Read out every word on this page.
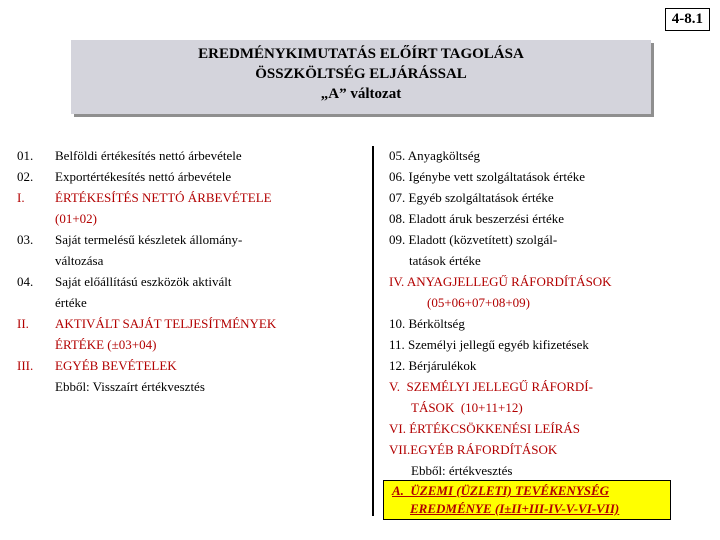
4-8.1
EREDMÉNYKIMUTATÁS ELŐÍRT TAGOLÁSA
ÖSSZKÖLTSÉG ELJÁRÁSSAL
„A” változat
01.	Belföldi értékesítés nettó árbevétele
02.	Exportértékesítés nettó árbevétele
I.	ÉRTÉKESÍTÉS NETTÓ ÁRBEVÉTELE
(01+02)
03.	Saját termelésű készletek állomány-
változása
04.	Saját előállítású eszközök aktivált
értéke
II.	AKTIVÁLT SAJÁT TELJESÍTMÉNYEK
ÉRTÉKE (±03+04)
III.	EGYÉB BEVÉTELEK
Ebből: Visszaírt értékvesztés
05. Anyagköltség
06. Igénybe vett szolgáltatások értéke
07. Egyéb szolgáltatások értéke
08. Eladott áruk beszerzési értéke
09. Eladott (közvetített) szolgál-
tatások értéke
IV. ANYAGJELLEGŰ RÁFORDÍTÁSOK
(05+06+07+08+09)
10. Bérköltség
11. Személyi jellegű egyéb kifizetések
12. Bérjárulékok
V.  SZEMÉLYI JELLEGŰ RÁFORDÍ-
TÁSOK  (10+11+12)
VI. ÉRTÉKCSÖKKENÉSI LEÍRÁS
VII.EGYÉB RÁFORDÍTÁSOK
Ebből: értékvesztés
A.  ÜZEMI (ÜZLETI) TEVÉKENYSÉG
EREDMÉNYE (I±II+III-IV-V-VI-VII)
